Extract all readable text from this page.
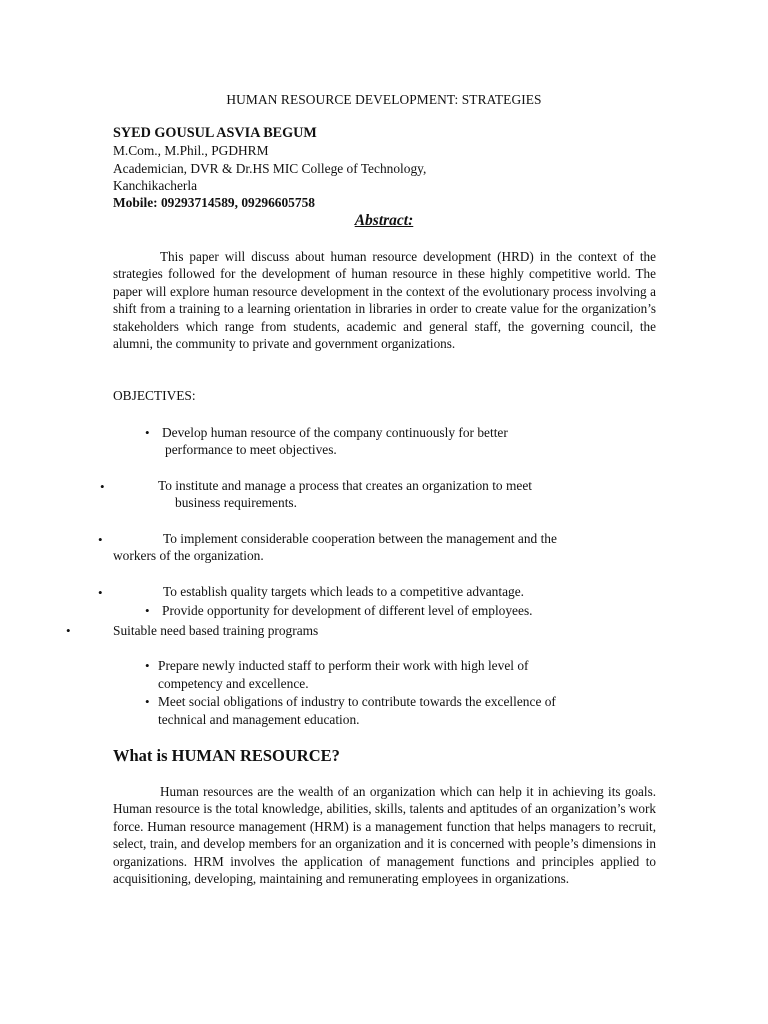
HUMAN RESOURCE DEVELOPMENT: STRATEGIES
SYED GOUSUL ASVIA BEGUM
M.Com., M.Phil., PGDHRM
Academician, DVR & Dr.HS MIC College of Technology,
Kanchikacherla
Mobile: 09293714589, 09296605758
Abstract:
This paper will discuss about human resource development (HRD) in the context of the strategies followed for the development of human resource in these highly competitive world. The paper will explore human resource development in the context of the evolutionary process involving a shift from a training to a learning orientation in libraries in order to create value for the organization’s stakeholders which range from students, academic and general staff, the governing council, the alumni, the community to private and government organizations.
OBJECTIVES:
• Develop human resource of the company continuously for better
performance to meet objectives.
•	To institute and manage a process that creates an organization to meet
business requirements.
•	To implement considerable cooperation between the management and the
workers of the organization.
•	To establish quality targets which leads to a competitive advantage.
• Provide opportunity for development of different level of employees.
•	Suitable need based training programs
• Prepare newly inducted staff to perform their work with high level of
competency and excellence.
• Meet social obligations of industry to contribute towards the excellence of
technical and management education.
What is HUMAN RESOURCE?
Human resources are the wealth of an organization which can help it in achieving its goals. Human resource is the total knowledge, abilities, skills, talents and aptitudes of an organization’s work force. Human resource management (HRM) is a management function that helps managers to recruit, select, train, and develop members for an organization and it is concerned with people’s dimensions in organizations. HRM involves the application of management functions and principles applied to acquisitioning, developing, maintaining and remunerating employees in organizations.
